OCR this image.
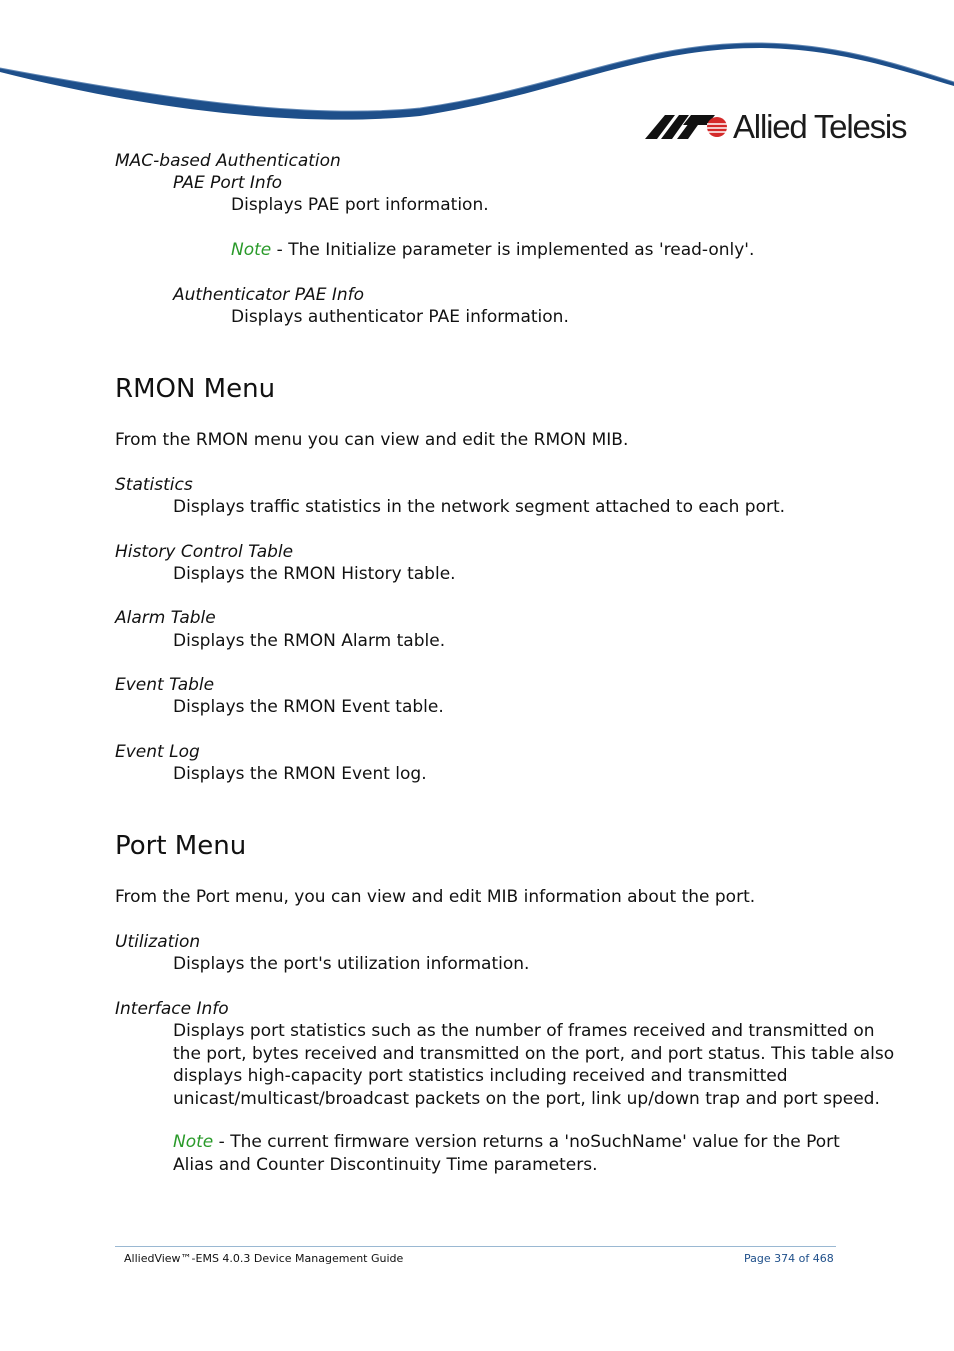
Allied Telesis
MAC-based Authentication
PAE Port Info
Displays PAE port information.
Note - The Initialize parameter is implemented as 'read-only'.
Authenticator PAE Info
Displays authenticator PAE information.
RMON Menu
From the RMON menu you can view and edit the RMON MIB.
Statistics
Displays traffic statistics in the network segment attached to each port.
History Control Table
Displays the RMON History table.
Alarm Table
Displays the RMON Alarm table.
Event Table
Displays the RMON Event table.
Event Log
Displays the RMON Event log.
Port Menu
From the Port menu, you can view and edit MIB information about the port.
Utilization
Displays the port's utilization information.
Interface Info
Displays port statistics such as the number of frames received and transmitted on
the port, bytes received and transmitted on the port, and port status. This table also
displays high-capacity port statistics including received and transmitted
unicast/multicast/broadcast packets on the port, link up/down trap and port speed.
Note - The current firmware version returns a 'noSuchName' value for the Port
Alias and Counter Discontinuity Time parameters.
AlliedView™-EMS 4.0.3 Device Management Guide	Page 374 of 468
